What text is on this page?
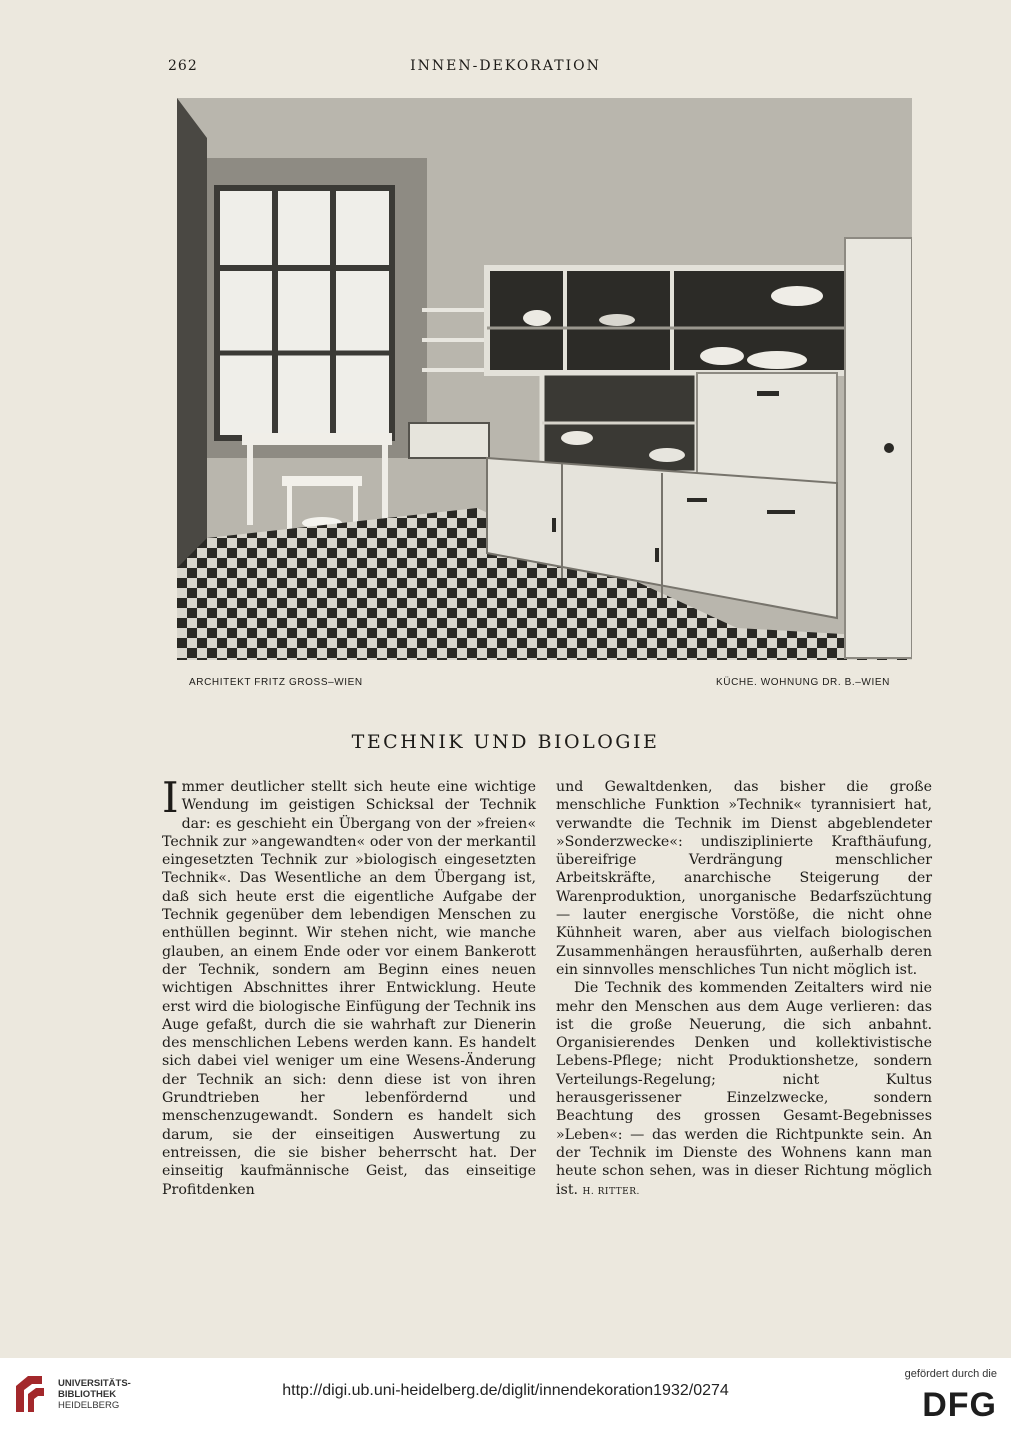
262	INNEN-DEKORATION
ARCHITEKT FRITZ GROSS–WIEN	KÜCHE. WOHNUNG DR. B.–WIEN
TECHNIK UND BIOLOGIE

Immer deutlicher stellt sich heute eine wichtige Wendung im geistigen Schicksal der Technik dar: es geschieht ein Übergang von der »freien« Technik zur »angewandten« oder von der merkantil eingesetzten Technik zur »biologisch eingesetzten Technik«. Das Wesentliche an dem Übergang ist, daß sich heute erst die eigentliche Aufgabe der Technik gegenüber dem lebendigen Menschen zu enthüllen beginnt. Wir stehen nicht, wie manche glauben, an einem Ende oder vor einem Bankerott der Technik, sondern am Beginn eines neuen wichtigen Abschnittes ihrer Entwicklung. Heute erst wird die biologische Einfügung der Technik ins Auge gefaßt, durch die sie wahrhaft zur Dienerin des menschlichen Lebens werden kann. Es handelt sich dabei viel weniger um eine Wesens-Änderung der Technik an sich: denn diese ist von ihren Grundtrieben her lebenfördernd und menschenzugewandt. Sondern es handelt sich darum, sie der einseitigen Auswertung zu entreissen, die sie bisher beherrscht hat. Der einseitig kaufmännische Geist, das einseitige Profitdenken

und Gewaltdenken, das bisher die große menschliche Funktion »Technik« tyrannisiert hat, verwandte die Technik im Dienst abgeblendeter »Sonderzwecke«: undisziplinierte Krafthäufung, übereifrige Verdrängung menschlicher Arbeitskräfte, anarchische Steigerung der Warenproduktion, unorganische Bedarfszüchtung — lauter energische Vorstöße, die nicht ohne Kühnheit waren, aber aus vielfach biologischen Zusammenhängen herausführten, außerhalb deren ein sinnvolles menschliches Tun nicht möglich ist.

Die Technik des kommenden Zeitalters wird nie mehr den Menschen aus dem Auge verlieren: das ist die große Neuerung, die sich anbahnt. Organisierendes Denken und kollektivistische Lebens-Pflege; nicht Produktionshetze, sondern Verteilungs-Regelung; nicht Kultus herausgerissener Einzelzwecke, sondern Beachtung des grossen Gesamt-Begebnisses »Leben«: — das werden die Richtpunkte sein. An der Technik im Dienste des Wohnens kann man heute schon sehen, was in dieser Richtung möglich ist. H. RITTER.

UNIVERSITÄTS-
BIBLIOTHEK
HEIDELBERG
http://digi.ub.uni-heidelberg.de/diglit/innendekoration1932/0274
gefördert durch die
DFG
